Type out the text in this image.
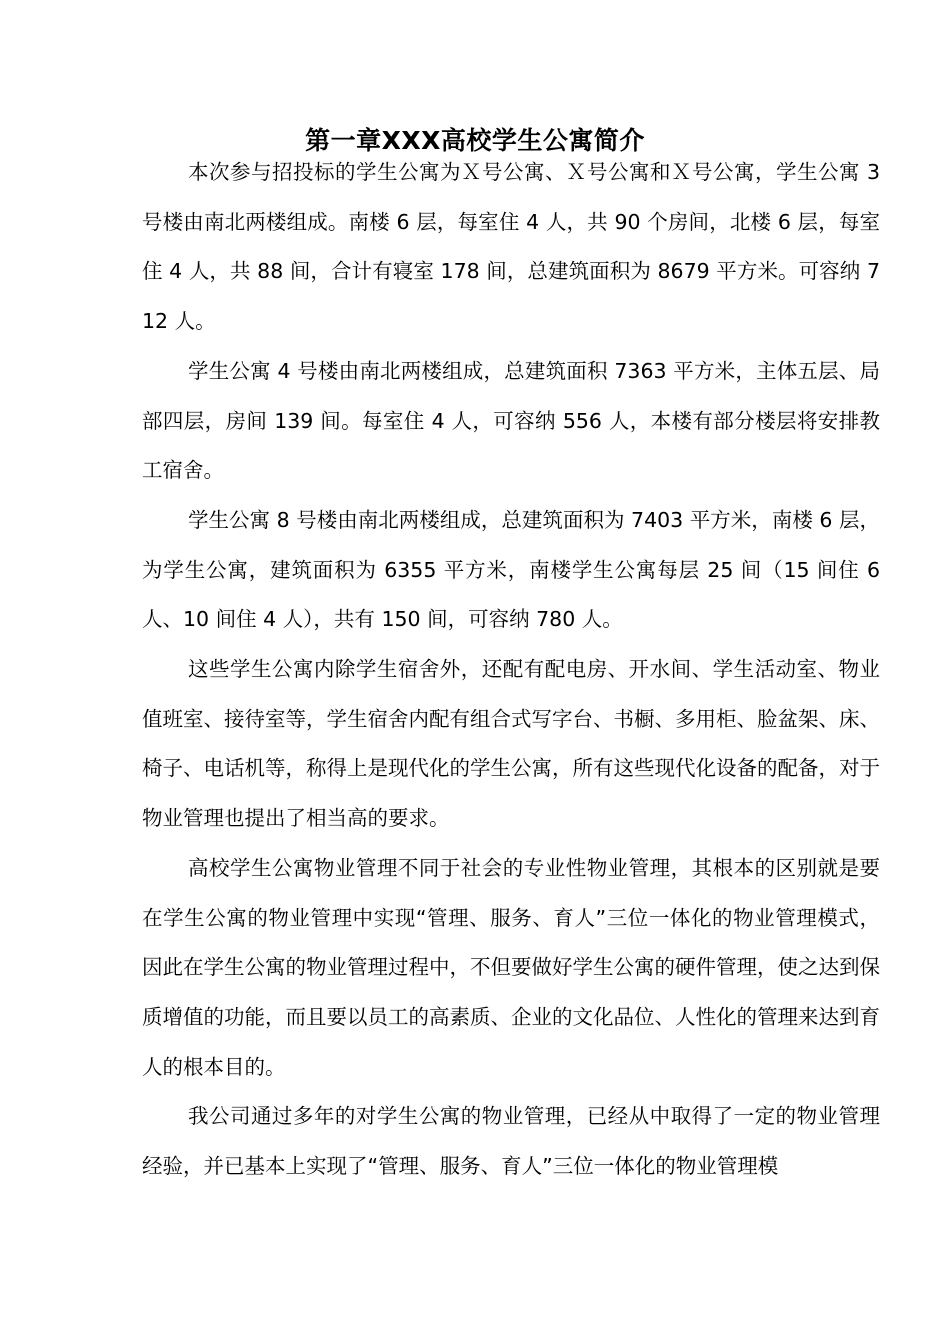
第一章XXX高校学生公寓简介

本次参与招投标的学生公寓为Ｘ号公寓、Ｘ号公寓和Ｘ号公寓，学生公寓 3 号楼由南北两楼组成。南楼 6 层，每室住 4 人，共 90 个房间，北楼 6 层，每室住 4 人，共 88 间，合计有寝室 178 间，总建筑面积为 8679 平方米。可容纳 712 人。

学生公寓 4 号楼由南北两楼组成，总建筑面积 7363 平方米，主体五层、局部四层，房间 139 间。每室住 4 人，可容纳 556 人，本楼有部分楼层将安排教工宿舍。

学生公寓 8 号楼由南北两楼组成，总建筑面积为 7403 平方米，南楼 6 层，为学生公寓，建筑面积为 6355 平方米，南楼学生公寓每层 25 间（15 间住 6 人、10 间住 4 人），共有 150 间，可容纳 780 人。

这些学生公寓内除学生宿舍外，还配有配电房、开水间、学生活动室、物业值班室、接待室等，学生宿舍内配有组合式写字台、书橱、多用柜、脸盆架、床、椅子、电话机等，称得上是现代化的学生公寓，所有这些现代化设备的配备，对于物业管理也提出了相当高的要求。

高校学生公寓物业管理不同于社会的专业性物业管理，其根本的区别就是要在学生公寓的物业管理中实现“管理、服务、育人”三位一体化的物业管理模式，因此在学生公寓的物业管理过程中，不但要做好学生公寓的硬件管理，使之达到保质增值的功能，而且要以员工的高素质、企业的文化品位、人性化的管理来达到育人的根本目的。

我公司通过多年的对学生公寓的物业管理，已经从中取得了一定的物业管理经验，并已基本上实现了“管理、服务、育人”三位一体化的物业管理模
